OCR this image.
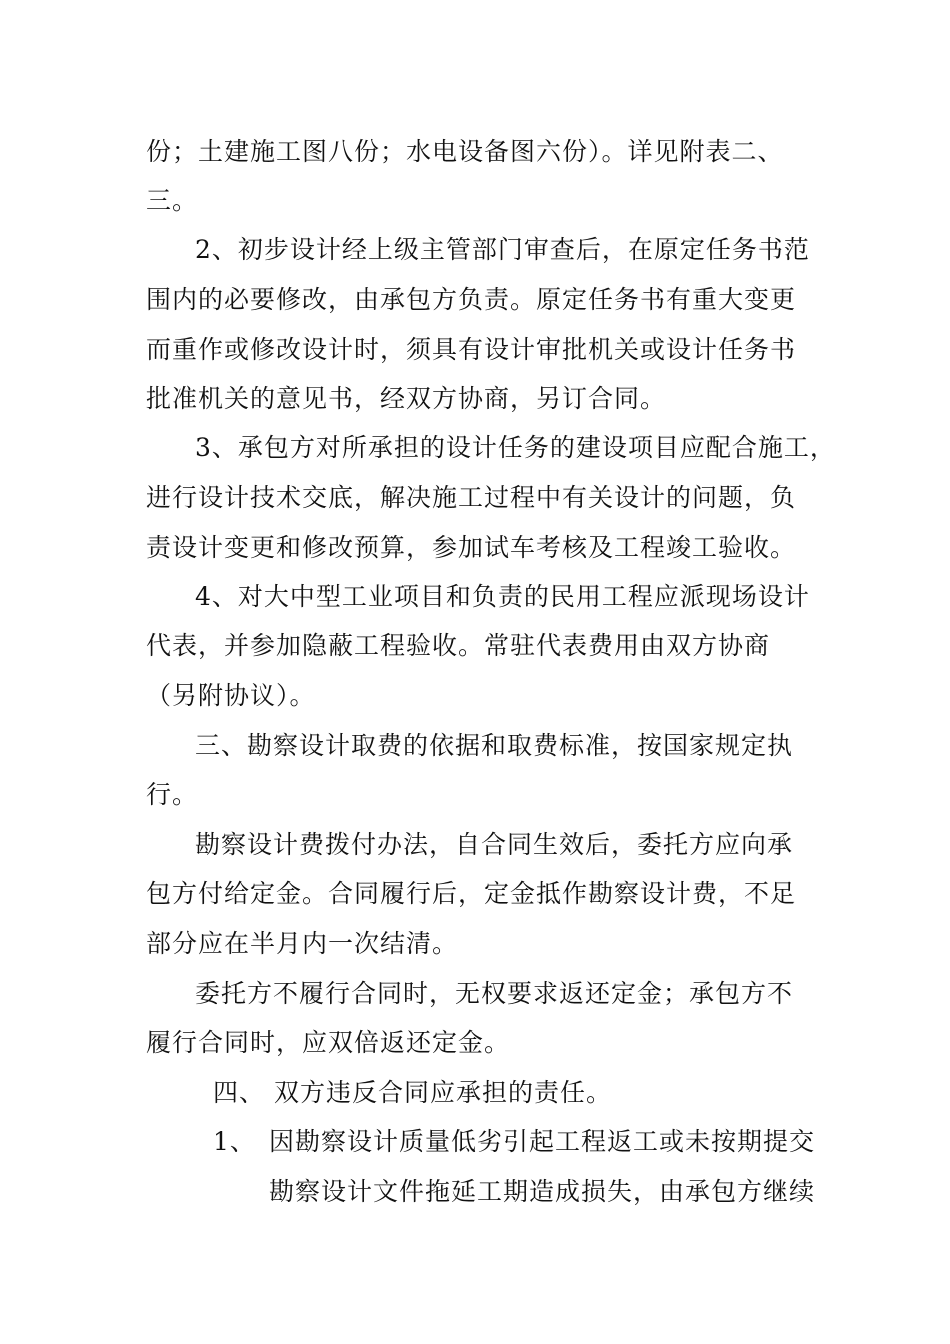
份；土建施工图八份；水电设备图六份）。详见附表二、
三。
2、初步设计经上级主管部门审查后，在原定任务书范
围内的必要修改，由承包方负责。原定任务书有重大变更
而重作或修改设计时，须具有设计审批机关或设计任务书
批准机关的意见书，经双方协商，另订合同。
3、承包方对所承担的设计任务的建设项目应配合施工，
进行设计技术交底，解决施工过程中有关设计的问题，负
责设计变更和修改预算，参加试车考核及工程竣工验收。
4、对大中型工业项目和负责的民用工程应派现场设计
代表，并参加隐蔽工程验收。常驻代表费用由双方协商
（另附协议）。
三、勘察设计取费的依据和取费标准，按国家规定执
行。
勘察设计费拨付办法，自合同生效后，委托方应向承
包方付给定金。合同履行后，定金抵作勘察设计费，不足
部分应在半月内一次结清。
委托方不履行合同时，无权要求返还定金；承包方不
履行合同时，应双倍返还定金。
四、 双方违反合同应承担的责任。
1、 因勘察设计质量低劣引起工程返工或未按期提交
勘察设计文件拖延工期造成损失，由承包方继续
